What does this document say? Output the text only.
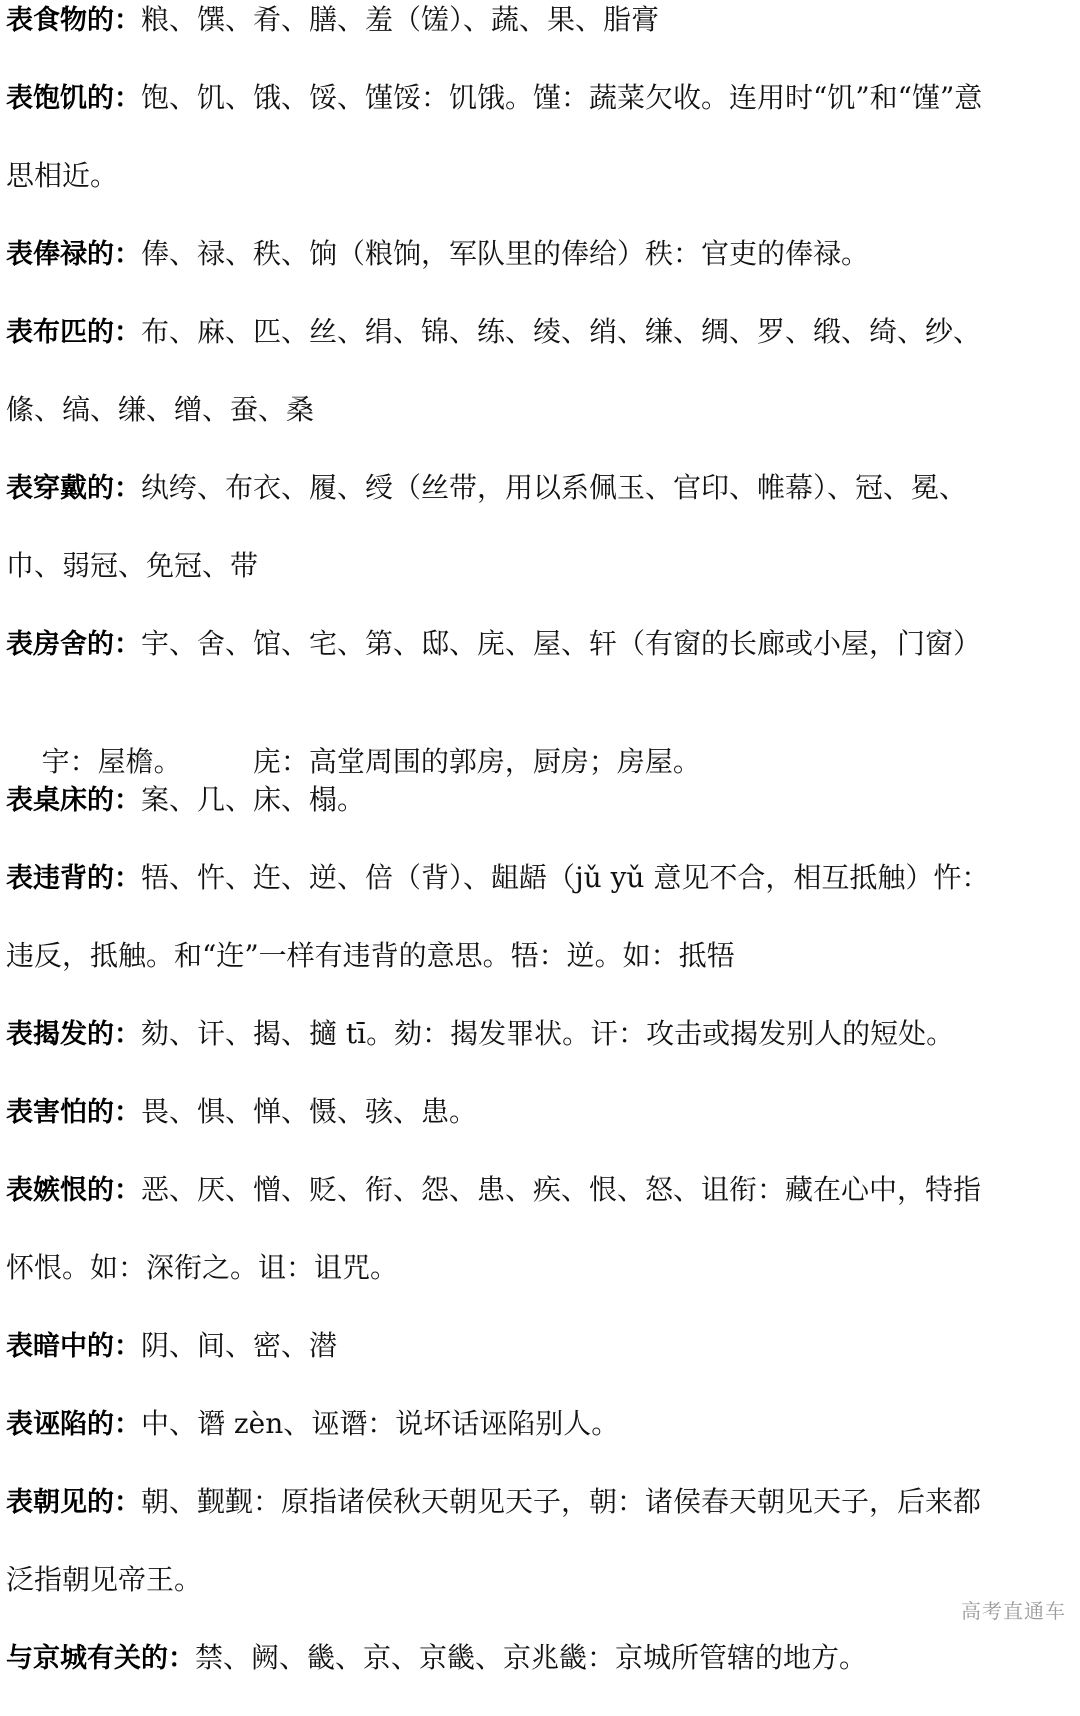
表食物的：粮、馔、肴、膳、羞（馐）、蔬、果、脂膏
表饱饥的：饱、饥、饿、馁、馑馁：饥饿。馑：蔬菜欠收。连用时“饥”和“馑”意
思相近。
表俸禄的：俸、禄、秩、饷（粮饷，军队里的俸给）秩：官吏的俸禄。
表布匹的：布、麻、匹、丝、绢、锦、练、绫、绡、缣、绸、罗、缎、绮、纱、
絛、缟、缣、缯、蚕、桑
表穿戴的：纨绔、布衣、履、绶（丝带，用以系佩玉、官印、帷幕）、冠、冕、
巾、弱冠、免冠、带
表房舍的：宇、舍、馆、宅、第、邸、庑、屋、轩（有窗的长廊或小屋，门窗）

宇：屋檐。        庑：高堂周围的郭房，厨房；房屋。

表桌床的：案、几、床、榻。
表违背的：牾、忤、迕、逆、倍（背）、龃龉（jǔ yǔ 意见不合，相互抵触）忤：
违反，抵触。和“迕”一样有违背的意思。牾：逆。如：抵牾
表揭发的：劾、讦、揭、擿 tī。劾：揭发罪状。讦：攻击或揭发别人的短处。
表害怕的：畏、惧、惮、慑、骇、患。
表嫉恨的：恶、厌、憎、贬、衔、怨、患、疾、恨、怒、诅衔：藏在心中，特指
怀恨。如：深衔之。诅：诅咒。
表暗中的：阴、间、密、潜
表诬陷的：中、谮 zèn、诬谮：说坏话诬陷别人。
表朝见的：朝、觐觐：原指诸侯秋天朝见天子，朝：诸侯春天朝见天子，后来都
泛指朝见帝王。
与京城有关的：禁、阙、畿、京、京畿、京兆畿：京城所管辖的地方。
高考直通车
